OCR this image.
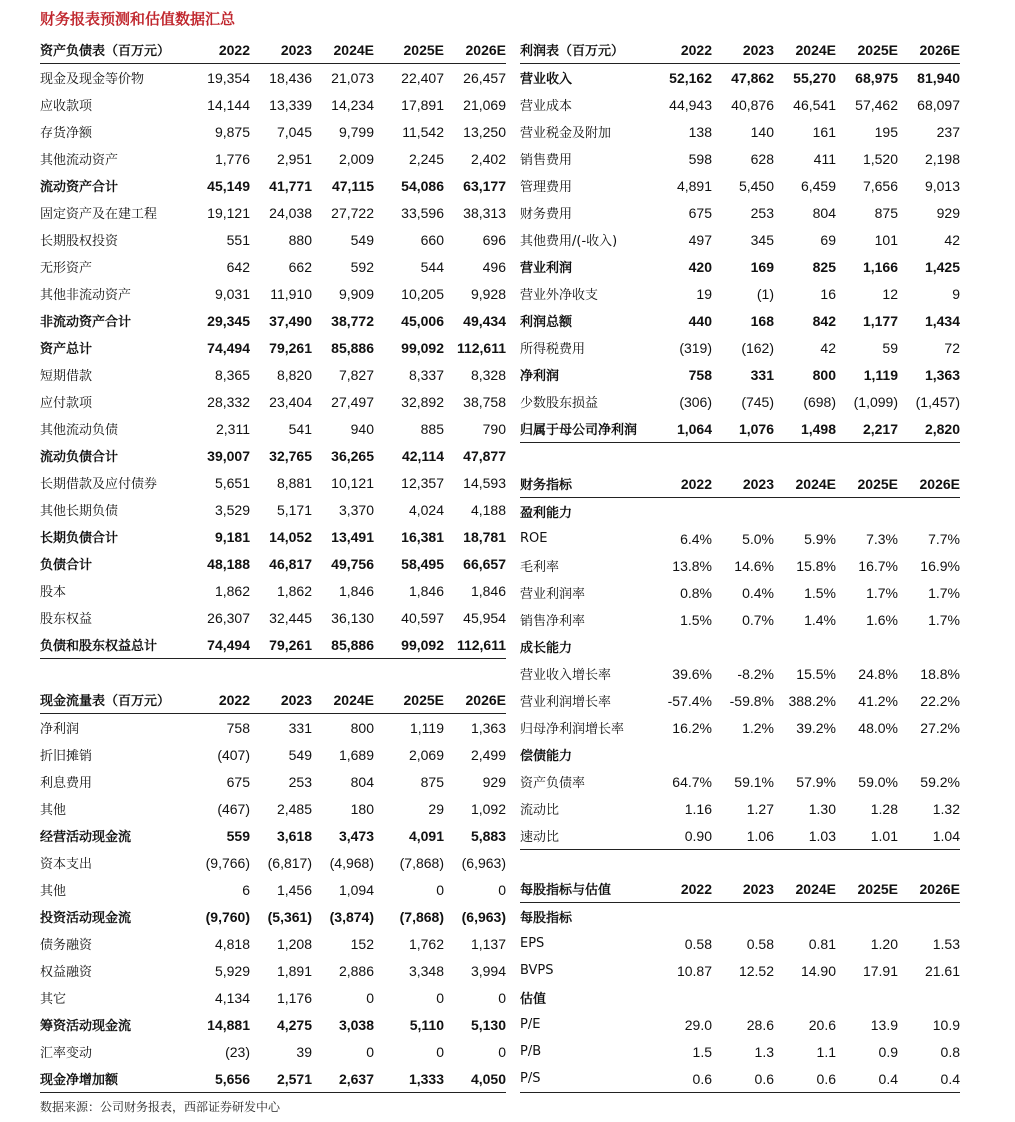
财务报表预测和估值数据汇总
资产负债表（百万元）	2022	2023	2024E	2025E	2026E
现金及现金等价物	19,354	18,436	21,073	22,407	26,457
应收款项	14,144	13,339	14,234	17,891	21,069
存货净额	9,875	7,045	9,799	11,542	13,250
其他流动资产	1,776	2,951	2,009	2,245	2,402
流动资产合计	45,149	41,771	47,115	54,086	63,177
固定资产及在建工程	19,121	24,038	27,722	33,596	38,313
长期股权投资	551	880	549	660	696
无形资产	642	662	592	544	496
其他非流动资产	9,031	11,910	9,909	10,205	9,928
非流动资产合计	29,345	37,490	38,772	45,006	49,434
资产总计	74,494	79,261	85,886	99,092	112,611
短期借款	8,365	8,820	7,827	8,337	8,328
应付款项	28,332	23,404	27,497	32,892	38,758
其他流动负债	2,311	541	940	885	790
流动负债合计	39,007	32,765	36,265	42,114	47,877
长期借款及应付债券	5,651	8,881	10,121	12,357	14,593
其他长期负债	3,529	5,171	3,370	4,024	4,188
长期负债合计	9,181	14,052	13,491	16,381	18,781
负债合计	48,188	46,817	49,756	58,495	66,657
股本	1,862	1,862	1,846	1,846	1,846
股东权益	26,307	32,445	36,130	40,597	45,954
负债和股东权益总计	74,494	79,261	85,886	99,092	112,611
现金流量表（百万元）	2022	2023	2024E	2025E	2026E
净利润	758	331	800	1,119	1,363
折旧摊销	(407)	549	1,689	2,069	2,499
利息费用	675	253	804	875	929
其他	(467)	2,485	180	29	1,092
经营活动现金流	559	3,618	3,473	4,091	5,883
资本支出	(9,766)	(6,817)	(4,968)	(7,868)	(6,963)
其他	6	1,456	1,094	0	0
投资活动现金流	(9,760)	(5,361)	(3,874)	(7,868)	(6,963)
债务融资	4,818	1,208	152	1,762	1,137
权益融资	5,929	1,891	2,886	3,348	3,994
其它	4,134	1,176	0	0	0
筹资活动现金流	14,881	4,275	3,038	5,110	5,130
汇率变动	(23)	39	0	0	0
现金净增加额	5,656	2,571	2,637	1,333	4,050
利润表（百万元）	2022	2023	2024E	2025E	2026E
营业收入	52,162	47,862	55,270	68,975	81,940
营业成本	44,943	40,876	46,541	57,462	68,097
营业税金及附加	138	140	161	195	237
销售费用	598	628	411	1,520	2,198
管理费用	4,891	5,450	6,459	7,656	9,013
财务费用	675	253	804	875	929
其他费用/(-收入)	497	345	69	101	42
营业利润	420	169	825	1,166	1,425
营业外净收支	19	(1)	16	12	9
利润总额	440	168	842	1,177	1,434
所得税费用	(319)	(162)	42	59	72
净利润	758	331	800	1,119	1,363
少数股东损益	(306)	(745)	(698)	(1,099)	(1,457)
归属于母公司净利润	1,064	1,076	1,498	2,217	2,820
财务指标	2022	2023	2024E	2025E	2026E
盈利能力					
ROE	6.4%	5.0%	5.9%	7.3%	7.7%
毛利率	13.8%	14.6%	15.8%	16.7%	16.9%
营业利润率	0.8%	0.4%	1.5%	1.7%	1.7%
销售净利率	1.5%	0.7%	1.4%	1.6%	1.7%
成长能力					
营业收入增长率	39.6%	-8.2%	15.5%	24.8%	18.8%
营业利润增长率	-57.4%	-59.8%	388.2%	41.2%	22.2%
归母净利润增长率	16.2%	1.2%	39.2%	48.0%	27.2%
偿债能力					
资产负债率	64.7%	59.1%	57.9%	59.0%	59.2%
流动比	1.16	1.27	1.30	1.28	1.32
速动比	0.90	1.06	1.03	1.01	1.04
每股指标与估值	2022	2023	2024E	2025E	2026E
每股指标					
EPS	0.58	0.58	0.81	1.20	1.53
BVPS	10.87	12.52	14.90	17.91	21.61
估值					
P/E	29.0	28.6	20.6	13.9	10.9
P/B	1.5	1.3	1.1	0.9	0.8
P/S	0.6	0.6	0.6	0.4	0.4
数据来源：公司财务报表，西部证券研发中心
